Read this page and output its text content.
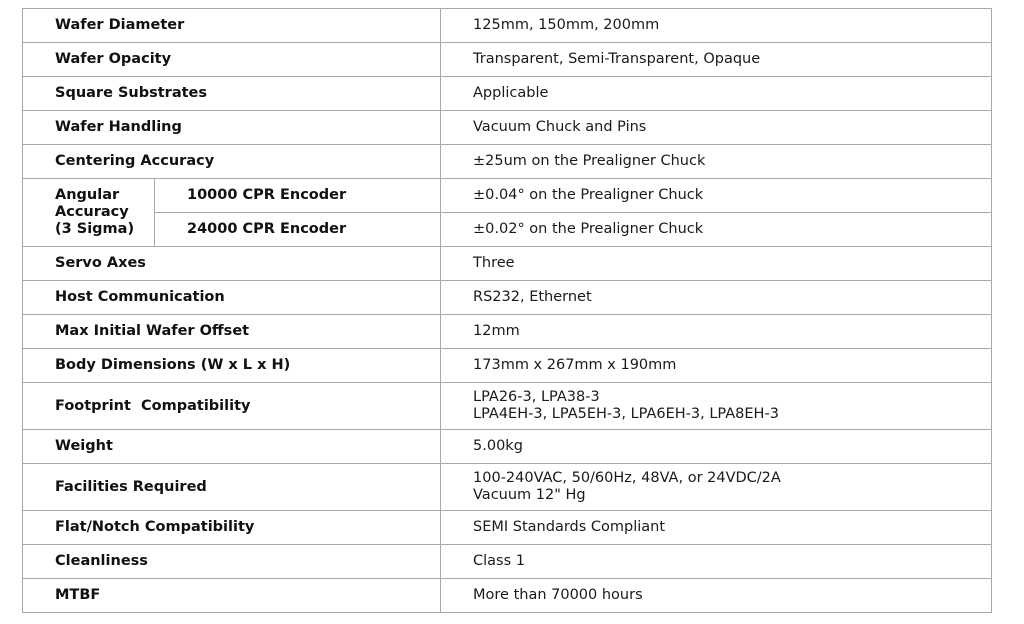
Wafer Diameter		125mm, 150mm, 200mm
Wafer Opacity		Transparent, Semi-Transparent, Opaque
Square Substrates		Applicable
Wafer Handling		Vacuum Chuck and Pins
Centering Accuracy		±25um on the Prealigner Chuck

Angular
Accuracy
(3 Sigma)	10000 CPR Encoder	±0.04° on the Prealigner Chuck
	24000 CPR Encoder	±0.02° on the Prealigner Chuck
Servo Axes		Three
Host Communication		RS232, Ethernet
Max Initial Wafer Offset		12mm
Body Dimensions (W x L x H)		173mm x 267mm x 190mm
Footprint  Compatibility		LPA26-3, LPA38-3
LPA4EH-3, LPA5EH-3, LPA6EH-3, LPA8EH-3

Weight		5.00kg
Facilities Required		100-240VAC, 50/60Hz, 48VA, or 24VDC/2A
Vacuum 12" Hg

Flat/Notch Compatibility		SEMI Standards Compliant
Cleanliness		Class 1
MTBF		More than 70000 hours
